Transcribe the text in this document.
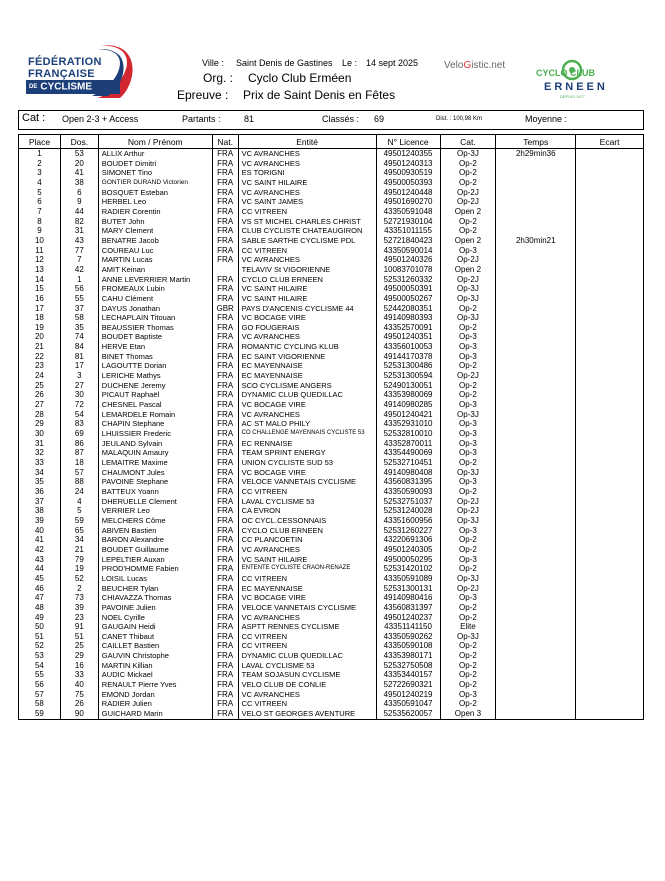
FÉDÉRATION
FRANÇAISE
DE CYCLISME
Ville : Saint Denis de Gastines Le : 14 sept 2025
Org. : Cyclo Club Erméen
Epreuve : Prix de Saint Denis en Fêtes
VeloGistic.net
CYCLO CLUB
ERNEEN
DEPUIS 1977
Cat : Open 2-3 + Access	Partants :	81	Classés : 69	Dist. : 100,98 Km	Moyenne :
Place	Dos.	Nom / Prénom	Nat.	Entité	N° Licence	Cat.	Temps	Ecart
1	53	ALLIX Arthur	FRA	VC AVRANCHES	49501240355	Op-3J	2h29min36	
2	20	BOUDET Dimitri	FRA	VC AVRANCHES	49501240313	Op-2		
3	41	SIMONET Tino	FRA	ES TORIGNI	49500930519	Op-2		
4	38	GONTIER DURAND Victorien	FRA	VC SAINT HILAIRE	49500050393	Op-2		
5	6	BOSQUET Esteban	FRA	VC AVRANCHES	49501240448	Op-2J		
6	9	HERBEL Leo	FRA	VC SAINT JAMES	49501690270	Op-2J		
7	44	RADIER Corentin	FRA	CC VITREEN	43350591048	Open 2		
8	82	BUTET John	FRA	VS ST MICHEL CHARLES CHRIST	52721930104	Op-2		
9	31	MARY Clement	FRA	CLUB CYCLISTE CHATEAUGIRON	43351011155	Op-2		
10	43	BENATRE Jacob	FRA	SABLE SARTHE CYCLISME PDL	52721840423	Open 2	2h30min21	
11	77	COUREAU Luc	FRA	CC VITREEN	43350590014	Op-3		
12	7	MARTIN Lucas	FRA	VC AVRANCHES	49501240326	Op-2J		
13	42	AMIT Keinan		TELAVIV St VIGORIENNE	10083701078	Open 2		
14	1	ANNE LEVERRIER Martin	FRA	CYCLO CLUB ERNEEN	52531260332	Op-2J		
15	56	FROMEAUX Lubin	FRA	VC SAINT HILAIRE	49500050391	Op-3J		
16	55	CAHU Clément	FRA	VC SAINT HILAIRE	49500050267	Op-3J		
17	37	DAYUS Jonathan	GBR	PAYS D'ANCENIS CYCLISME 44	52442080351	Op-2		
18	58	LECHAPLAIN Titouan	FRA	VC BOCAGE VIRE	49140980393	Op-3J		
19	35	BEAUSSIER Thomas	FRA	GO FOUGERAIS	43352570091	Op-2		
20	74	BOUDET Baptiste	FRA	VC AVRANCHES	49501240351	Op-3		
21	84	HERVE Etan	FRA	ROMANTIC CYCLING KLUB	43356010053	Op-3		
22	81	BINET Thomas	FRA	EC SAINT VIGORIENNE	49144170378	Op-3		
23	17	LAGOUTTE Dorian	FRA	EC MAYENNAISE	52531300486	Op-2		
24	3	LERICHE Mathys	FRA	EC MAYENNAISE	52531300594	Op-2J		
25	27	DUCHENE Jeremy	FRA	SCO CYCLISME ANGERS	52490130051	Op-2		
26	30	PICAUT Raphaël	FRA	DYNAMIC CLUB QUEDILLAC	43353980069	Op-2		
27	72	CHESNEL Pascal	FRA	VC BOCAGE VIRE	49140980285	Op-3		
28	54	LEMARDELE Romain	FRA	VC AVRANCHES	49501240421	Op-3J		
29	83	CHAPIN Stephane	FRA	AC ST MALO PHILY	43352931010	Op-3		
30	69	LHUISSIER Frederic	FRA	CO CHALLENGE MAYENNAIS CYCLISTE 53	52532810010	Op-3		
31	86	JEULAND Sylvain	FRA	EC RENNAISE	43352870011	Op-3		
32	87	MALAQUIN Amaury	FRA	TEAM SPRINT ENERGY	43354490069	Op-3		
33	18	LEMAITRE Maxime	FRA	UNION CYCLISTE SUD 53	52532710451	Op-2		
34	57	CHAUMONT Jules	FRA	VC BOCAGE VIRE	49140980408	Op-3J		
35	88	PAVOINE Stephane	FRA	VELOCE VANNETAIS CYCLISME	43560831395	Op-3		
36	24	BATTEUX Yoann	FRA	CC VITREEN	43350590093	Op-2		
37	4	DHERUELLE Clement	FRA	LAVAL CYCLISME 53	52532751037	Op-2J		
38	5	VERRIER Leo	FRA	CA EVRON	52531240028	Op-2J		
39	59	MELCHERS Côme	FRA	OC CYCL.CESSONNAIS	43351600956	Op-3J		
40	65	ABIVEN Bastien	FRA	CYCLO CLUB ERNEEN	52531260227	Op-3		
41	34	BARON Alexandre	FRA	CC PLANCOETIN	43220691306	Op-2		
42	21	BOUDET Guillaume	FRA	VC AVRANCHES	49501240305	Op-2		
43	79	LEPELTIER Auxan	FRA	VC SAINT HILAIRE	49500050295	Op-3		
44	19	PROD'HOMME Fabien	FRA	ENTENTE CYCLISTE CRAON-RENAZE	52531420102	Op-2		
45	52	LOISIL Lucas	FRA	CC VITREEN	43350591089	Op-3J		
46	2	BEUCHER Tylan	FRA	EC MAYENNAISE	52531300131	Op-2J		
47	73	CHIAVAZZA Thomas	FRA	VC BOCAGE VIRE	49140980416	Op-3		
48	39	PAVOINE Julien	FRA	VELOCE VANNETAIS CYCLISME	43560831397	Op-2		
49	23	NOEL Cyrille	FRA	VC AVRANCHES	49501240237	Op-2		
50	91	GAUGAIN Heidi	FRA	ASPTT RENNES CYCLISME	43351141150	Elite		
51	51	CANET Thibaut	FRA	CC VITREEN	43350590262	Op-3J		
52	25	CAILLET Bastien	FRA	CC VITREEN	43350590108	Op-2		
53	29	GAUVIN Christophe	FRA	DYNAMIC CLUB QUEDILLAC	43353980171	Op-2		
54	16	MARTIN Killian	FRA	LAVAL CYCLISME 53	52532750508	Op-2		
55	33	AUDIC Mickael	FRA	TEAM SOJASUN CYCLISME	43353440157	Op-2		
56	40	RENAULT Pierre Yves	FRA	VELO CLUB DE CONLIE	52722690321	Op-2		
57	75	EMOND Jordan	FRA	VC AVRANCHES	49501240219	Op-3		
58	26	RADIER Julien	FRA	CC VITREEN	43350591047	Op-2		
59	90	GUICHARD Marin	FRA	VELO ST GEORGES AVENTURE	52535620057	Open 3		
